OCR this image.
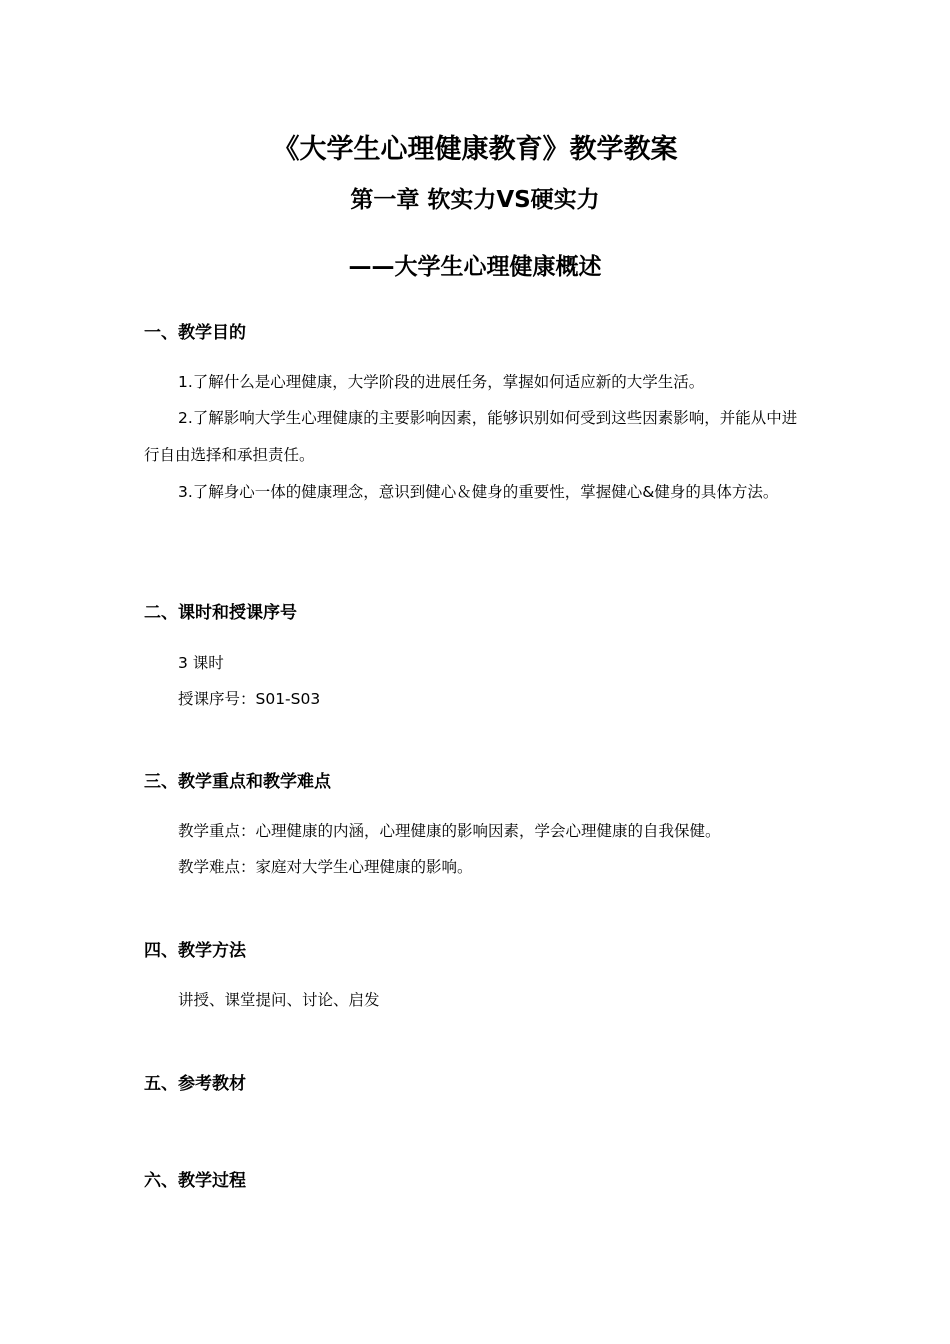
《大学生心理健康教育》教学教案
第一章 软实力VS硬实力
——大学生心理健康概述
一、教学目的
1.了解什么是心理健康，大学阶段的进展任务，掌握如何适应新的大学生活。
2.了解影响大学生心理健康的主要影响因素，能够识别如何受到这些因素影响，并能从中进行自由选择和承担责任。
3.了解身心一体的健康理念，意识到健心＆健身的重要性，掌握健心&健身的具体方法。
二、课时和授课序号
3 课时
授课序号：S01-S03
三、教学重点和教学难点
教学重点：心理健康的内涵，心理健康的影响因素，学会心理健康的自我保健。
教学难点：家庭对大学生心理健康的影响。
四、教学方法
讲授、课堂提问、讨论、启发
五、参考教材
六、教学过程
